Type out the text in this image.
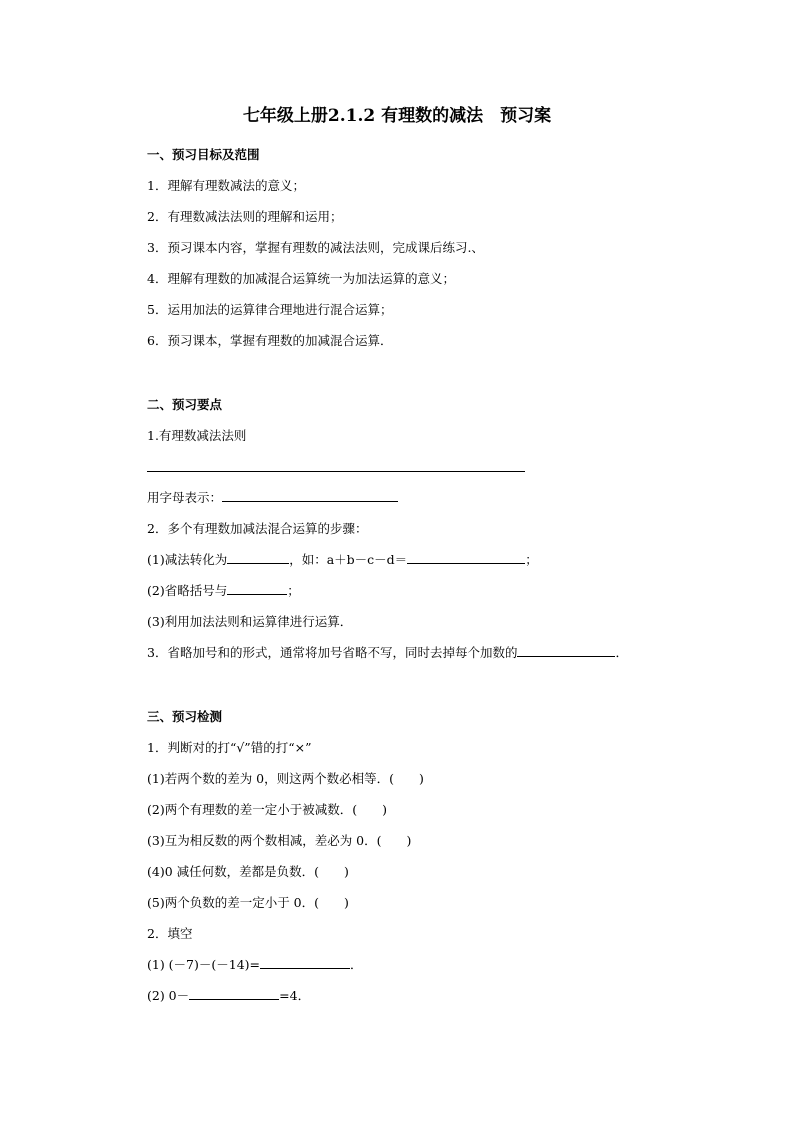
七年级上册2.1.2 有理数的减法　预习案
一、预习目标及范围
1．理解有理数减法的意义；
2．有理数减法法则的理解和运用；
3．预习课本内容，掌握有理数的减法法则，完成课后练习.、
4．理解有理数的加减混合运算统一为加法运算的意义；
5．运用加法的运算律合理地进行混合运算；
6．预习课本，掌握有理数的加减混合运算．
二、预习要点
1.有理数减法法则
用字母表示：
2．多个有理数加减法混合运算的步骤：
(1)减法转化为	，如：a＋b－c－d＝	；
(2)省略括号与	；
(3)利用加法法则和运算律进行运算．
3．省略加号和的形式，通常将加号省略不写，同时去掉每个加数的	．
三、预习检测
1．判断对的打“√”错的打“×”
(1)若两个数的差为 0，则这两个数必相等．(　　)
(2)两个有理数的差一定小于被减数．(　　)
(3)互为相反数的两个数相减，差必为 0．(　　)
(4)0 减任何数，差都是负数．(　　)
(5)两个负数的差一定小于 0．(　　)
2．填空
(1) (－7)－(－14)=	．
(2) 0－	=4．
